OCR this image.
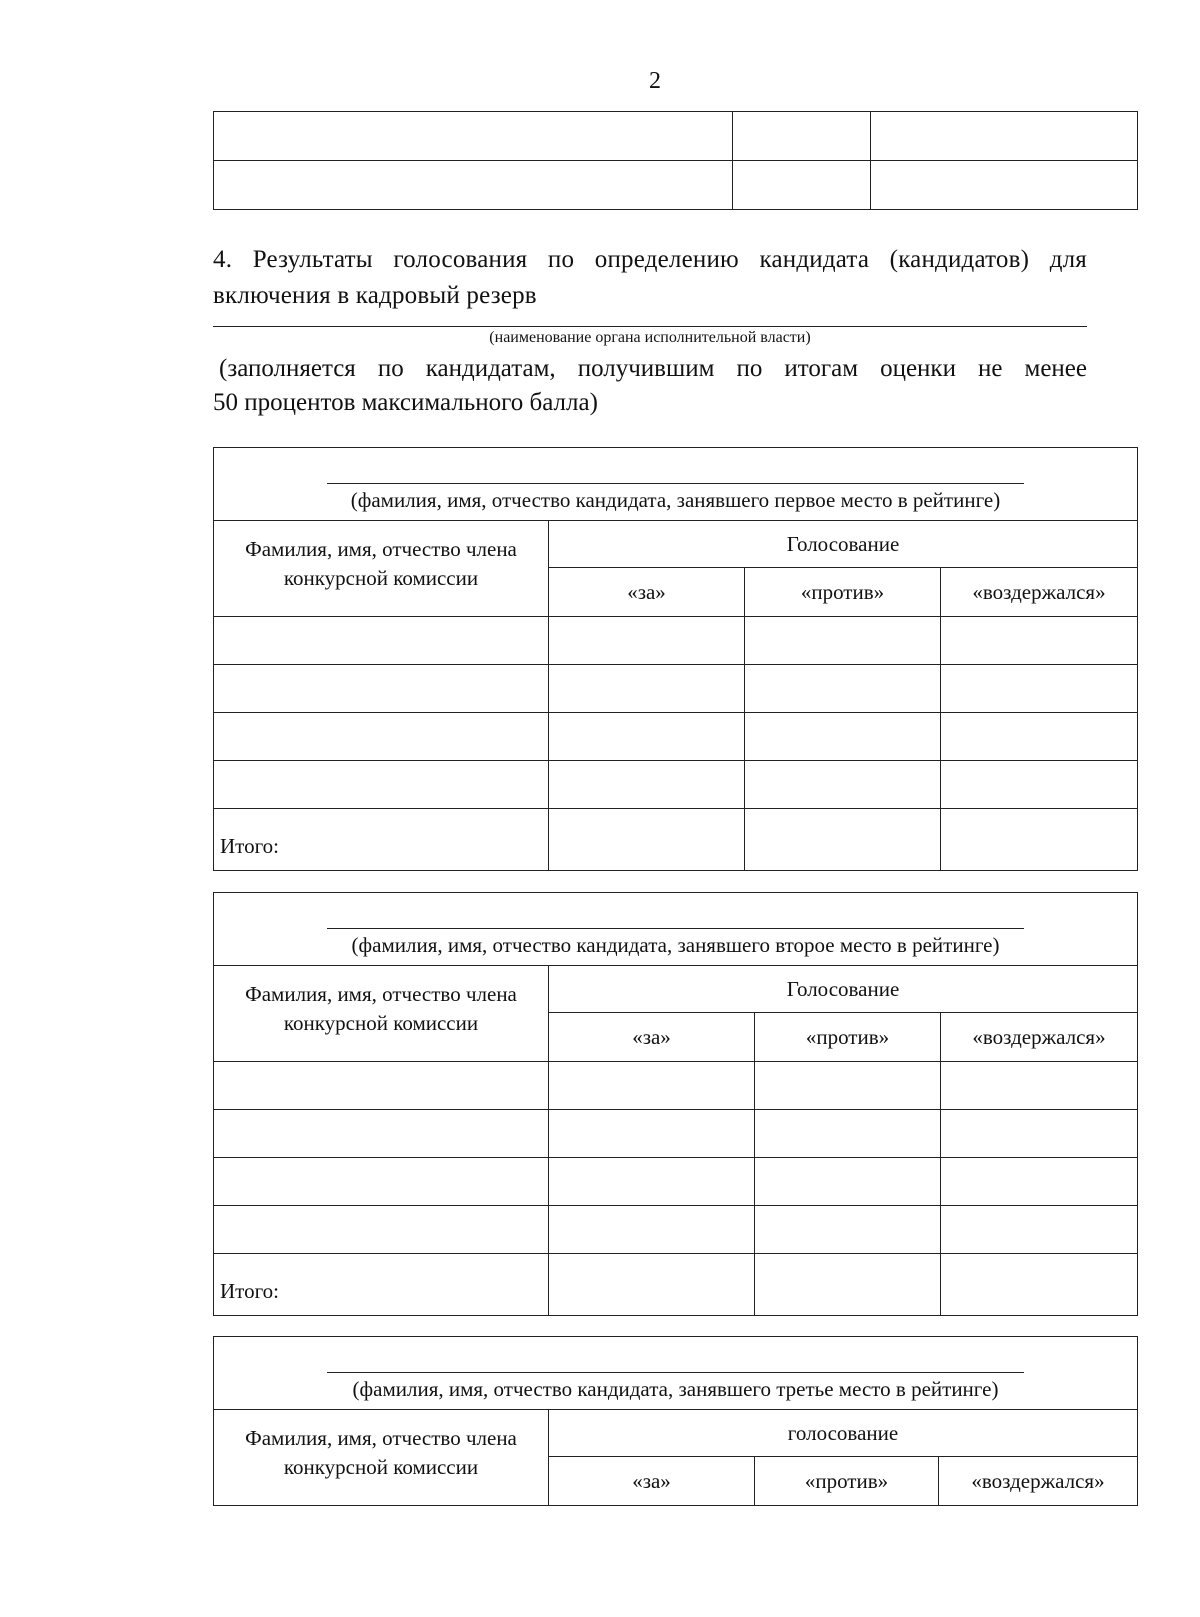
2

4. Результаты голосования по определению кандидата (кандидатов) для включения в кадровый резерв
(наименование органа исполнительной власти)
(заполняется по кандидатам, получившим по итогам оценки не менее
50 процентов максимального балла)
(фамилия, имя, отчество кандидата, занявшего первое место в рейтинге)			

Фамилия, имя, отчество члена конкурсной комиссии	Голосование		
	«за»	«против»	«воздержался»

Итого:			
(фамилия, имя, отчество кандидата, занявшего второе место в рейтинге)			

Фамилия, имя, отчество члена конкурсной комиссии	Голосование		
	«за»	«против»	«воздержался»

Итого:			
(фамилия, имя, отчество кандидата, занявшего третье место в рейтинге)			

Фамилия, имя, отчество члена конкурсной комиссии	голосование		
	«за»	«против»	«воздержался»
